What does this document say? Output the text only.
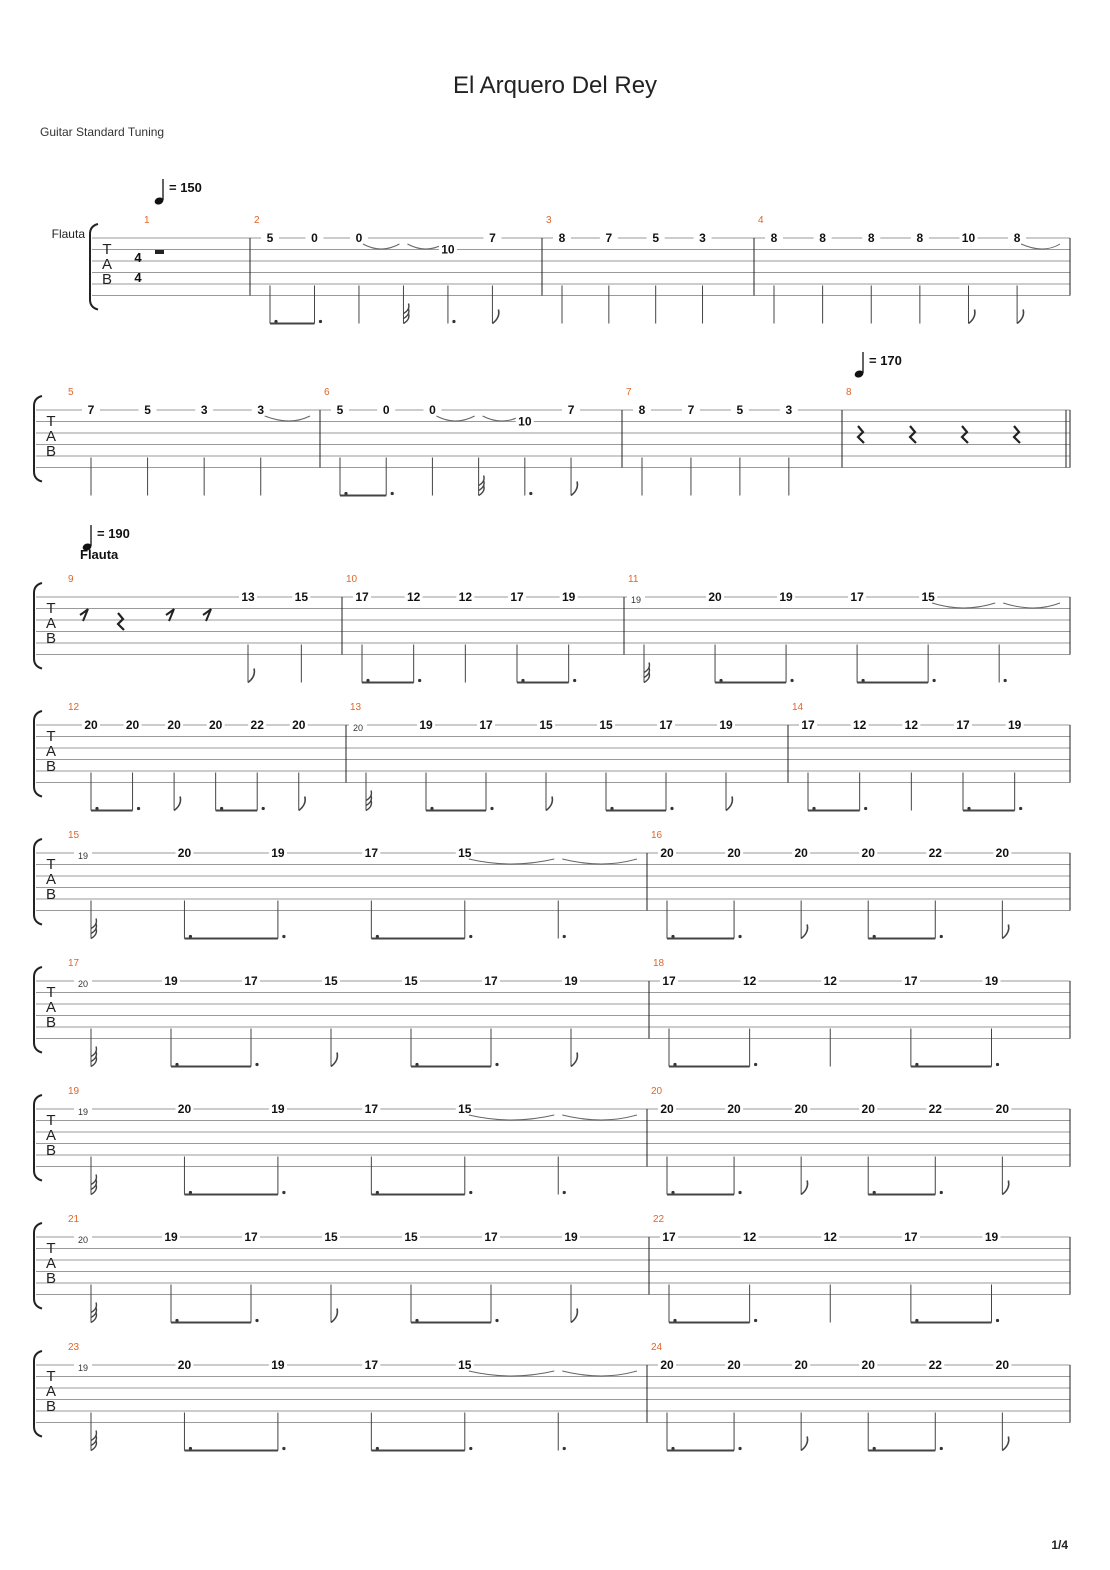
El Arquero Del Rey
Guitar Standard Tuning
1/4
= 150
= 170
= 190
T
A
B
1
4
4
Flauta
2
5	0	0
10
7
3
8	7	5	3
4
8	8	8	8	10	8
T
A
B
5
7	5	3	3
6
5	0	0
10
7
7
8	7	5	3
8
T
A
B
9
Flauta
13	15
10
17	12	12	17	19
11
19	20	19	17	15
T
A
B
12
20 20 20 20 22 20
13
20	19	17	15	15	17	19
14
17	12	12	17	19
T
A
B
15
19	20	19	17	15
16
20	20	20	20	22	20
T
A
B
17
20	19	17	15	15	17	19
18
17	12	12	17	19
T
A
B
19
19	20	19	17	15
20
20	20	20	20	22	20
T
A
B
21
20	19	17	15	15	17	19
22
17	12	12	17	19
T
A
B
23
19	20	19	17	15
24
20	20	20	20	22	20
